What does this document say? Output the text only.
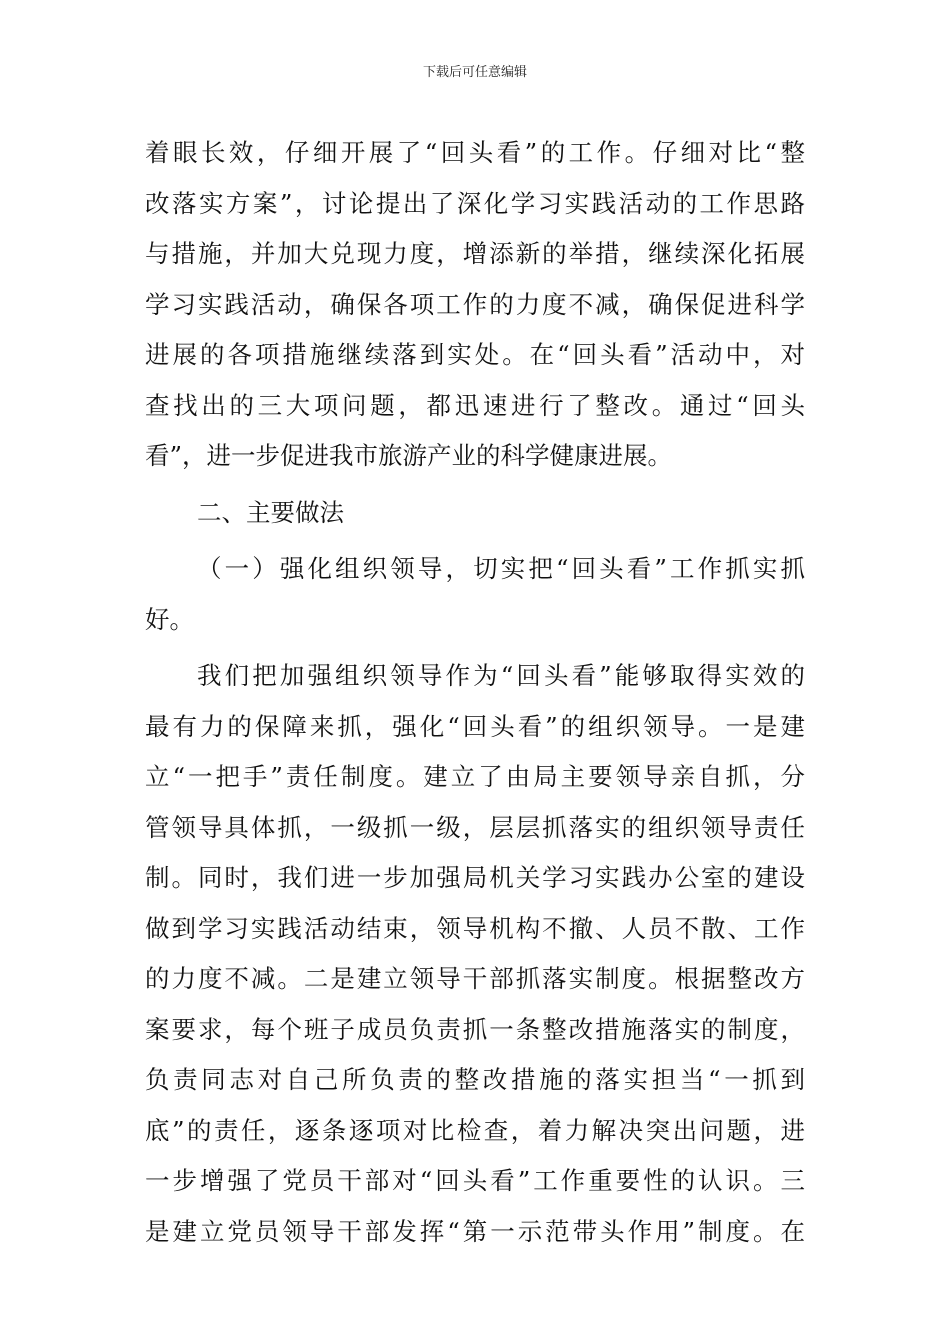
下载后可任意编辑
着眼长效，仔细开展了“回头看”的工作。仔细对比“整
改落实方案”，讨论提出了深化学习实践活动的工作思路
与措施，并加大兑现力度，增添新的举措，继续深化拓展
学习实践活动，确保各项工作的力度不减，确保促进科学
进展的各项措施继续落到实处。在“回头看”活动中，对
查找出的三大项问题，都迅速进行了整改。通过“回头
看”，进一步促进我市旅游产业的科学健康进展。
二、主要做法
（一）强化组织领导，切实把“回头看”工作抓实抓
好。
我们把加强组织领导作为“回头看”能够取得实效的
最有力的保障来抓，强化“回头看”的组织领导。一是建
立“一把手”责任制度。建立了由局主要领导亲自抓，分
管领导具体抓，一级抓一级，层层抓落实的组织领导责任
制。同时，我们进一步加强局机关学习实践办公室的建设
做到学习实践活动结束，领导机构不撤、人员不散、工作
的力度不减。二是建立领导干部抓落实制度。根据整改方
案要求，每个班子成员负责抓一条整改措施落实的制度，
负责同志对自己所负责的整改措施的落实担当“一抓到
底”的责任，逐条逐项对比检查，着力解决突出问题，进
一步增强了党员干部对“回头看”工作重要性的认识。三
是建立党员领导干部发挥“第一示范带头作用”制度。在
